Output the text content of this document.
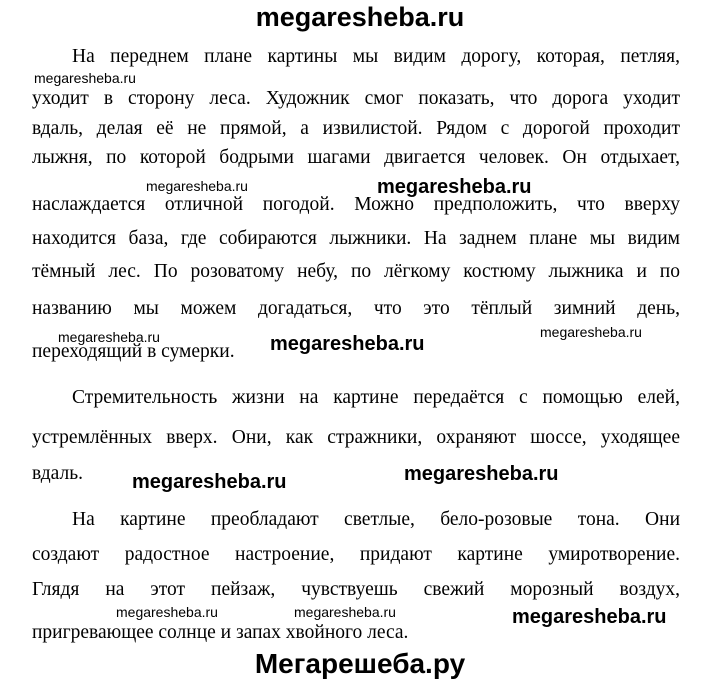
megaresheba.ru
На переднем плане картины мы видим дорогу, которая, петляя,
уходит в сторону леса. Художник смог показать, что дорога уходит
вдаль, делая её не прямой, а извилистой. Рядом с дорогой проходит
лыжня, по которой бодрыми шагами двигается человек. Он отдыхает,
наслаждается отличной погодой. Можно предположить, что вверху
находится база, где собираются лыжники. На заднем плане мы видим
тёмный лес. По розоватому небу, по лёгкому костюму лыжника и по
названию мы можем догадаться, что это тёплый зимний день,
переходящий в сумерки.
Стремительность жизни на картине передаётся с помощью елей,
устремлённых вверх. Они, как стражники, охраняют шоссе, уходящее
вдаль.
На картине преобладают светлые, бело-розовые тона. Они
создают радостное настроение, придают картине умиротворение.
Глядя на этот пейзаж, чувствуешь свежий морозный воздух,
пригревающее солнце и запах хвойного леса.
megaresheba.ru
megaresheba.ru	megaresheba.ru
megaresheba.ru	megaresheba.ru
megaresheba.ru
megaresheba.ru	megaresheba.ru
megaresheba.ru	megaresheba.ru	megaresheba.ru
Мегарешеба.ру
